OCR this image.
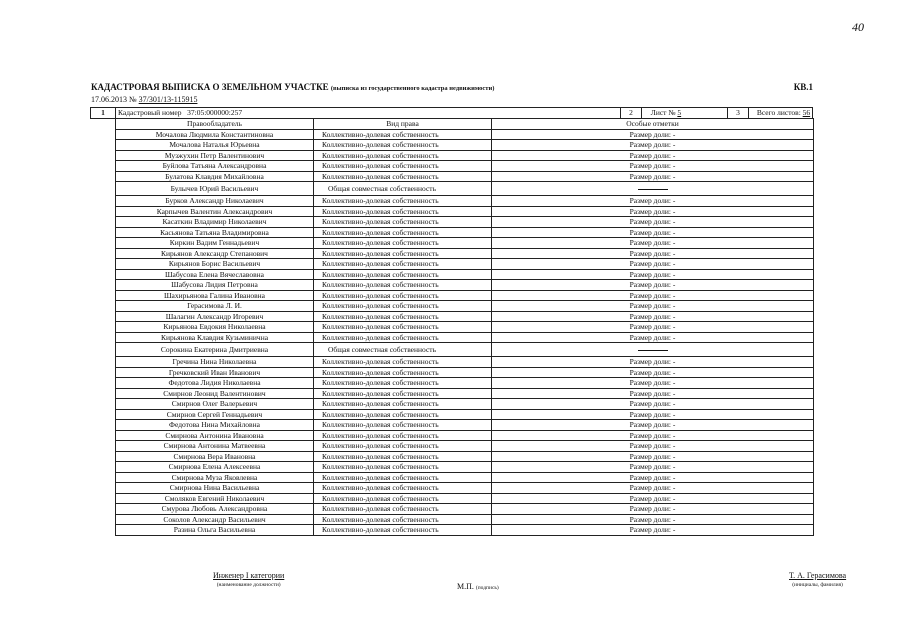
40
КАДАСТРОВАЯ ВЫПИСКА О ЗЕМЕЛЬНОМ УЧАСТКЕ (выписка из государственного кадастра недвижимости)	КВ.1
17.06.2013 № 37/301/13-115915
1	Кадастровый номер 37:05:000000:257	2	Лист № 5	3	Всего листов: 56
Правообладатель	Вид права	Особые отметки
Мочалова Людмила Константиновна	Коллективно-долевая собственность	Размер доли: -
Мочалова Наталья Юрьевна	Коллективно-долевая собственность	Размер доли: -
Музжухин Петр Валентинович	Коллективно-долевая собственность	Размер доли: -
Буйлова Татьяна Александровна	Коллективно-долевая собственность	Размер доли: -
Булатова Клавдия Михайловна	Коллективно-долевая собственность	Размер доли: -
Булычев Юрий Васильевич	Общая совместная собственность	
Бурков Александр Николаевич	Коллективно-долевая собственность	Размер доли: -
Карпычев Валентин Александрович	Коллективно-долевая собственность	Размер доли: -
Касаткин Владимир Николаевич	Коллективно-долевая собственность	Размер доли: -
Касьянова Татьяна Владимировна	Коллективно-долевая собственность	Размер доли: -
Киркин Вадим Геннадьевич	Коллективно-долевая собственность	Размер доли: -
Кирьянов Александр Степанович	Коллективно-долевая собственность	Размер доли: -
Кирьянов Борис Васильевич	Коллективно-долевая собственность	Размер доли: -
Шабусова Елена Вячеславовна	Коллективно-долевая собственность	Размер доли: -
Шабусова Лидия Петровна	Коллективно-долевая собственность	Размер доли: -
Шахирьянова Галина Ивановна	Коллективно-долевая собственность	Размер доли: -
Герасимова Л. И.	Коллективно-долевая собственность	Размер доли: -
Шалагин Александр Игоревич	Коллективно-долевая собственность	Размер доли: -
Кирьянова Евдокия Николаевна	Коллективно-долевая собственность	Размер доли: -
Кирьянова Клавдия Кузьминична	Коллективно-долевая собственность	Размер доли: -
Сорокина Екатерина Дмитриевна	Общая совместная собственность	
Гречина Нина Николаевна	Коллективно-долевая собственность	Размер доли: -
Гречковский Иван Иванович	Коллективно-долевая собственность	Размер доли: -
Федотова Лидия Николаевна	Коллективно-долевая собственность	Размер доли: -
Смирнов Леонид Валентинович	Коллективно-долевая собственность	Размер доли: -
Смирнов Олег Валерьевич	Коллективно-долевая собственность	Размер доли: -
Смирнов Сергей Геннадьевич	Коллективно-долевая собственность	Размер доли: -
Федотова Нина Михайловна	Коллективно-долевая собственность	Размер доли: -
Смирнова Антонина Ивановна	Коллективно-долевая собственность	Размер доли: -
Смирнова Антонина Матвеевна	Коллективно-долевая собственность	Размер доли: -
Смирнова Вера Ивановна	Коллективно-долевая собственность	Размер доли: -
Смирнова Елена Алексеевна	Коллективно-долевая собственность	Размер доли: -
Смирнова Муза Яковлевна	Коллективно-долевая собственность	Размер доли: -
Смирнова Нина Васильевна	Коллективно-долевая собственность	Размер доли: -
Смоляков Евгений Николаевич	Коллективно-долевая собственность	Размер доли: -
Смурова Любовь Александровна	Коллективно-долевая собственность	Размер доли: -
Соколов Александр Васильевич	Коллективно-долевая собственность	Размер доли: -
Разина Ольга Васильевна	Коллективно-долевая собственность	Размер доли: -
Инженер I категории
(наименование должности)	М.П. (подпись)
Т. А. Герасимова
(инициалы, фамилия)
